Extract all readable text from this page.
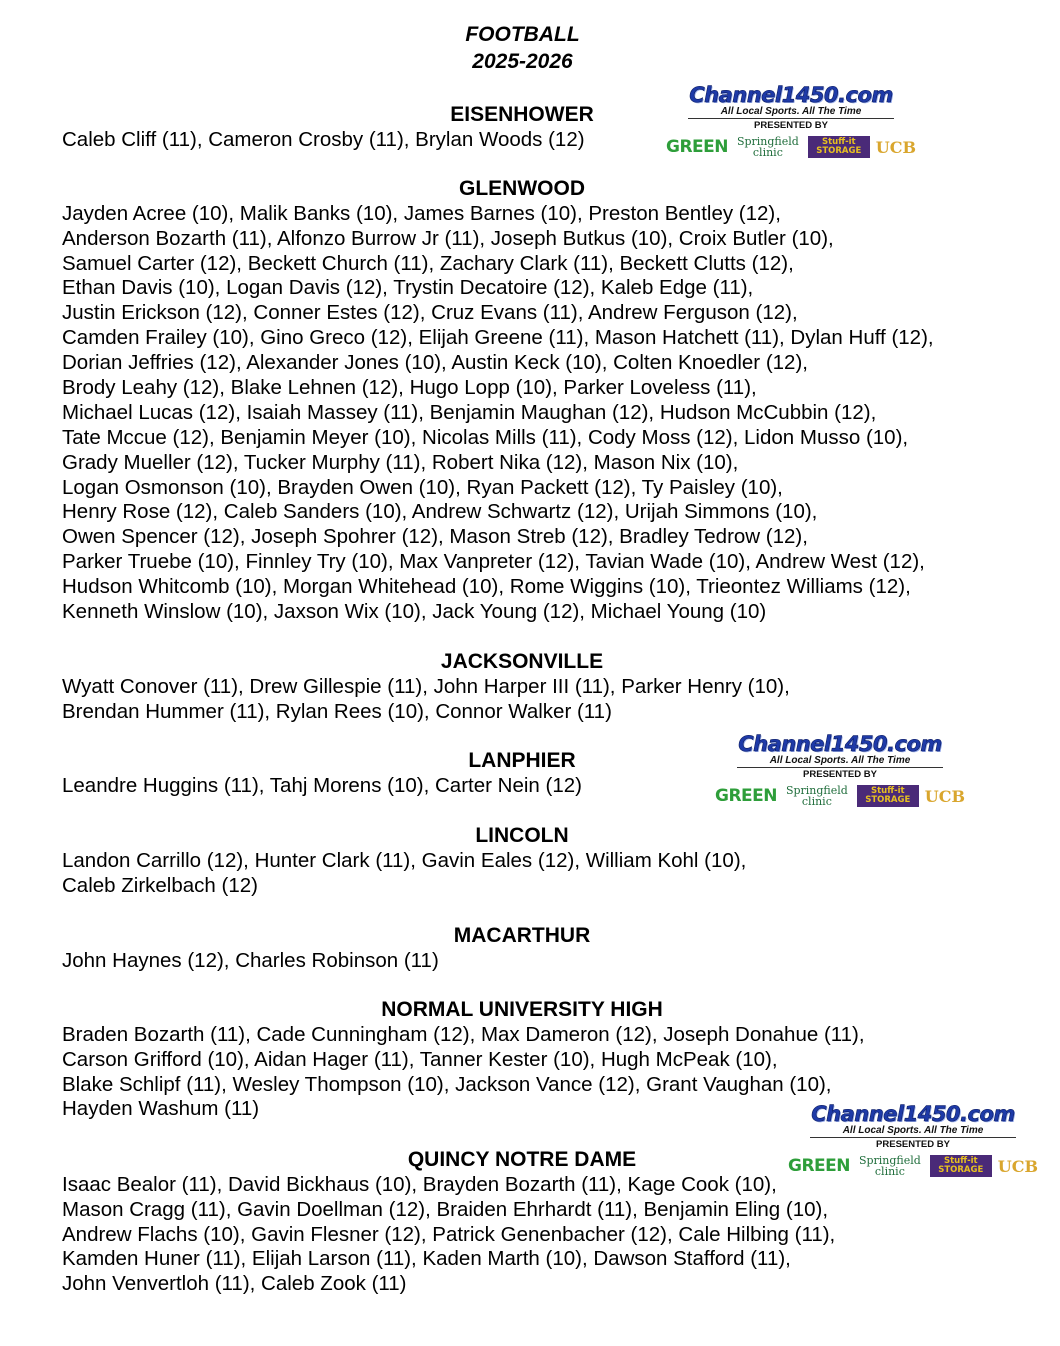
FOOTBALL
2025-2026
Channel1450.com
All Local Sports. All The Time
PRESENTED BY
GREEN Springfield clinic
Stuff-it STORAGE UCB
Channel1450.com
All Local Sports. All The Time
PRESENTED BY
GREEN Springfield clinic
Stuff-it STORAGE UCB
Channel1450.com
All Local Sports. All The Time
PRESENTED BY
GREEN Springfield clinic
Stuff-it STORAGE UCB
EISENHOWER
Caleb Cliff (11), Cameron Crosby (11), Brylan Woods (12)
GLENWOOD
Jayden Acree (10), Malik Banks (10), James Barnes (10), Preston Bentley (12),
Anderson Bozarth (11), Alfonzo Burrow Jr (11), Joseph Butkus (10), Croix Butler (10),
Samuel Carter (12), Beckett Church (11), Zachary Clark (11), Beckett Clutts (12),
Ethan Davis (10), Logan Davis (12), Trystin Decatoire (12), Kaleb Edge (11),
Justin Erickson (12), Conner Estes (12), Cruz Evans (11), Andrew Ferguson (12),
Camden Frailey (10), Gino Greco (12), Elijah Greene (11), Mason Hatchett (11), Dylan Huff (12),
Dorian Jeffries (12), Alexander Jones (10), Austin Keck (10), Colten Knoedler (12),
Brody Leahy (12), Blake Lehnen (12), Hugo Lopp (10), Parker Loveless (11),
Michael Lucas (12), Isaiah Massey (11), Benjamin Maughan (12), Hudson McCubbin (12),
Tate Mccue (12), Benjamin Meyer (10), Nicolas Mills (11), Cody Moss (12), Lidon Musso (10),
Grady Mueller (12), Tucker Murphy (11), Robert Nika (12), Mason Nix (10),
Logan Osmonson (10), Brayden Owen (10), Ryan Packett (12), Ty Paisley (10),
Henry Rose (12), Caleb Sanders (10), Andrew Schwartz (12), Urijah Simmons (10),
Owen Spencer (12), Joseph Spohrer (12), Mason Streb (12), Bradley Tedrow (12),
Parker Truebe (10), Finnley Try (10), Max Vanpreter (12), Tavian Wade (10), Andrew West (12),
Hudson Whitcomb (10), Morgan Whitehead (10), Rome Wiggins (10), Trieontez Williams (12),
Kenneth Winslow (10), Jaxson Wix (10), Jack Young (12), Michael Young (10)
JACKSONVILLE
Wyatt Conover (11), Drew Gillespie (11), John Harper III (11), Parker Henry (10),
Brendan Hummer (11), Rylan Rees (10), Connor Walker (11)
LANPHIER
Leandre Huggins (11), Tahj Morens (10), Carter Nein (12)
LINCOLN
Landon Carrillo (12), Hunter Clark (11), Gavin Eales (12), William Kohl (10),
Caleb Zirkelbach (12)
MACARTHUR
John Haynes (12), Charles Robinson (11)
NORMAL UNIVERSITY HIGH
Braden Bozarth (11), Cade Cunningham (12), Max Dameron (12), Joseph Donahue (11),
Carson Grifford (10), Aidan Hager (11), Tanner Kester (10), Hugh McPeak (10),
Blake Schlipf (11), Wesley Thompson (10), Jackson Vance (12), Grant Vaughan (10),
Hayden Washum (11)
QUINCY NOTRE DAME
Isaac Bealor (11), David Bickhaus (10), Brayden Bozarth (11), Kage Cook (10),
Mason Cragg (11), Gavin Doellman (12), Braiden Ehrhardt (11), Benjamin Eling (10),
Andrew Flachs (10), Gavin Flesner (12), Patrick Genenbacher (12), Cale Hilbing (11),
Kamden Huner (11), Elijah Larson (11), Kaden Marth (10), Dawson Stafford (11),
John Venvertloh (11), Caleb Zook (11)
